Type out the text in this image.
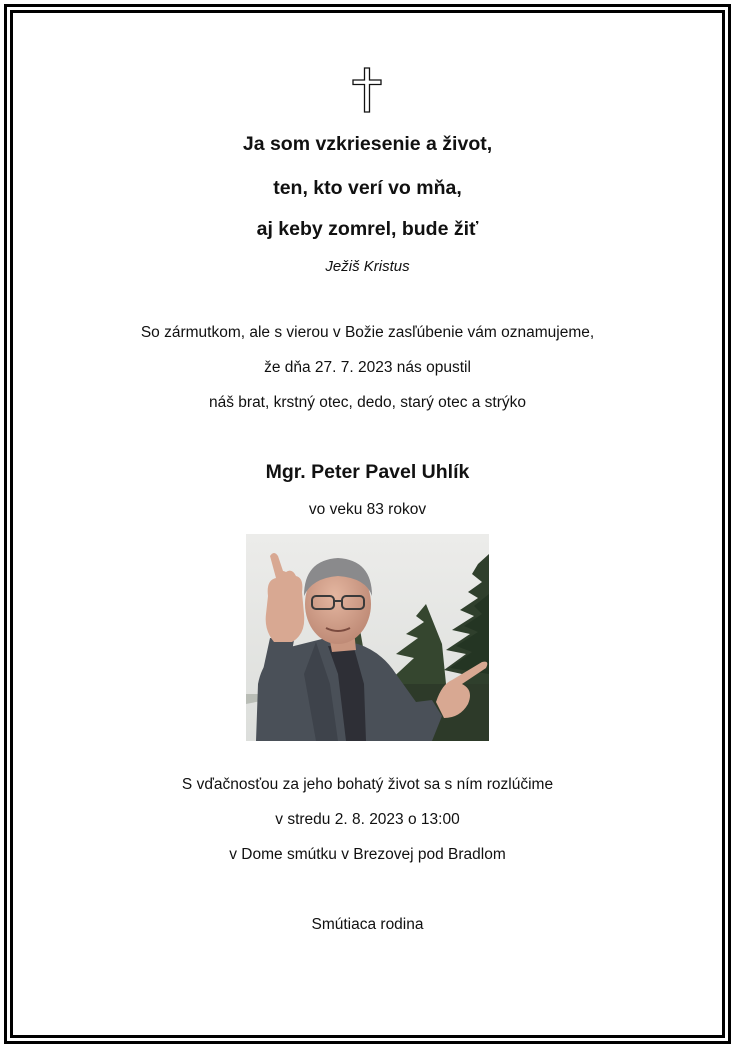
Ja som vzkriesenie a život,
ten, kto verí vo mňa,
aj keby zomrel, bude žiť
Ježiš Kristus
So zármutkom, ale s vierou v Božie zasľúbenie vám oznamujeme,
že dňa 27. 7. 2023 nás opustil
náš brat, krstný otec, dedo, starý otec a strýko
Mgr. Peter Pavel Uhlík
vo veku 83 rokov
S vďačnosťou za jeho bohatý život sa s ním rozlúčime
v stredu 2. 8. 2023 o 13:00
v Dome smútku v Brezovej pod Bradlom
Smútiaca rodina
